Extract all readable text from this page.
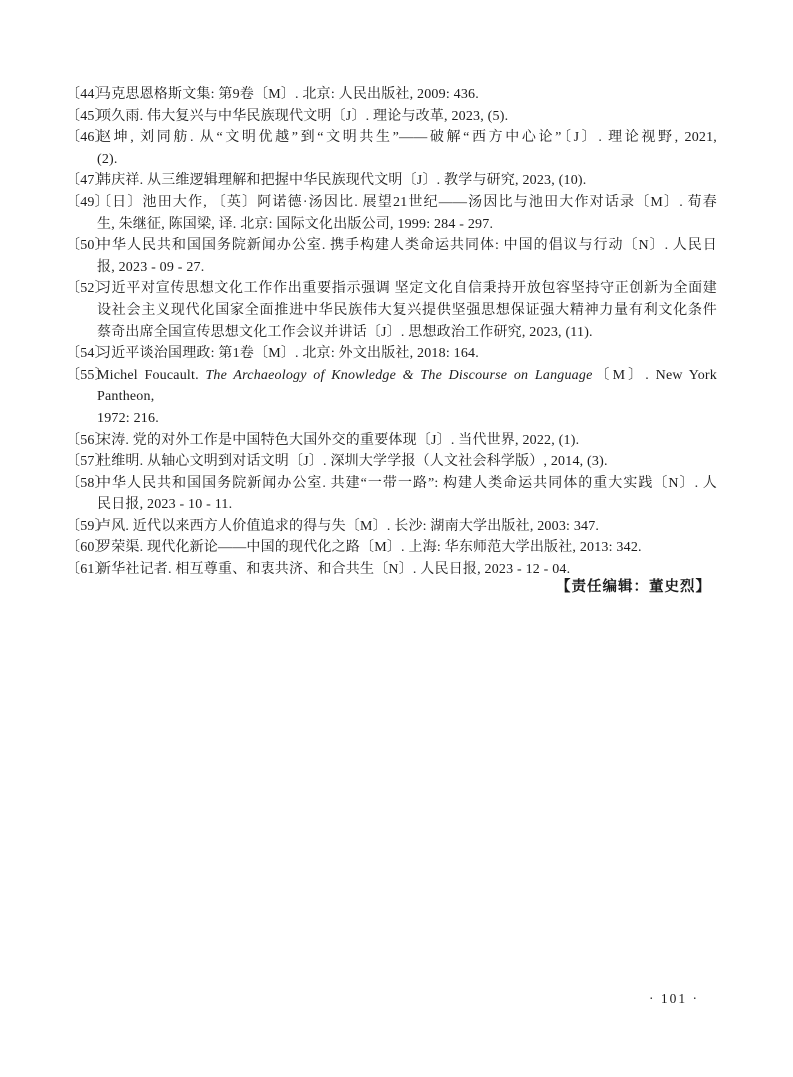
〔44〕
马克思恩格斯文集: 第9卷〔M〕. 北京: 人民出版社, 2009: 436.
〔45〕
项久雨. 伟大复兴与中华民族现代文明〔J〕. 理论与改革, 2023, (5).
〔46〕
赵坤, 刘同舫. 从“文明优越”到“文明共生”——破解“西方中心论”〔J〕. 理论视野, 2021,
(2).
〔47〕
韩庆祥. 从三维逻辑理解和把握中华民族现代文明〔J〕. 教学与研究, 2023, (10).
〔49〕
〔日〕池田大作, 〔英〕阿诺德·汤因比. 展望21世纪——汤因比与池田大作对话录〔M〕. 荀春
生, 朱继征, 陈国梁, 译. 北京: 国际文化出版公司, 1999: 284 - 297.
〔50〕
中华人民共和国国务院新闻办公室. 携手构建人类命运共同体: 中国的倡议与行动〔N〕. 人民日
报, 2023 - 09 - 27.
〔52〕
习近平对宣传思想文化工作作出重要指示强调 坚定文化自信秉持开放包容坚持守正创新为全面建
设社会主义现代化国家全面推进中华民族伟大复兴提供坚强思想保证强大精神力量有利文化条件
蔡奇出席全国宣传思想文化工作会议并讲话〔J〕. 思想政治工作研究, 2023, (11).
〔54〕
习近平谈治国理政: 第1卷〔M〕. 北京: 外文出版社, 2018: 164.
〔55〕
Michel Foucault. The Archaeology of Knowledge & The Discourse on Language〔M〕. New York Pantheon,
1972: 216.
〔56〕
宋涛. 党的对外工作是中国特色大国外交的重要体现〔J〕. 当代世界, 2022, (1).
〔57〕
杜维明. 从轴心文明到对话文明〔J〕. 深圳大学学报（人文社会科学版）, 2014, (3).
〔58〕
中华人民共和国国务院新闻办公室. 共建“一带一路”: 构建人类命运共同体的重大实践〔N〕. 人
民日报, 2023 - 10 - 11.
〔59〕
卢风. 近代以来西方人价值追求的得与失〔M〕. 长沙: 湖南大学出版社, 2003: 347.
〔60〕
罗荣渠. 现代化新论——中国的现代化之路〔M〕. 上海: 华东师范大学出版社, 2013: 342.
〔61〕
新华社记者. 相互尊重、和衷共济、和合共生〔N〕. 人民日报, 2023 - 12 - 04.
【责任编辑：董史烈】
· 101 ·
